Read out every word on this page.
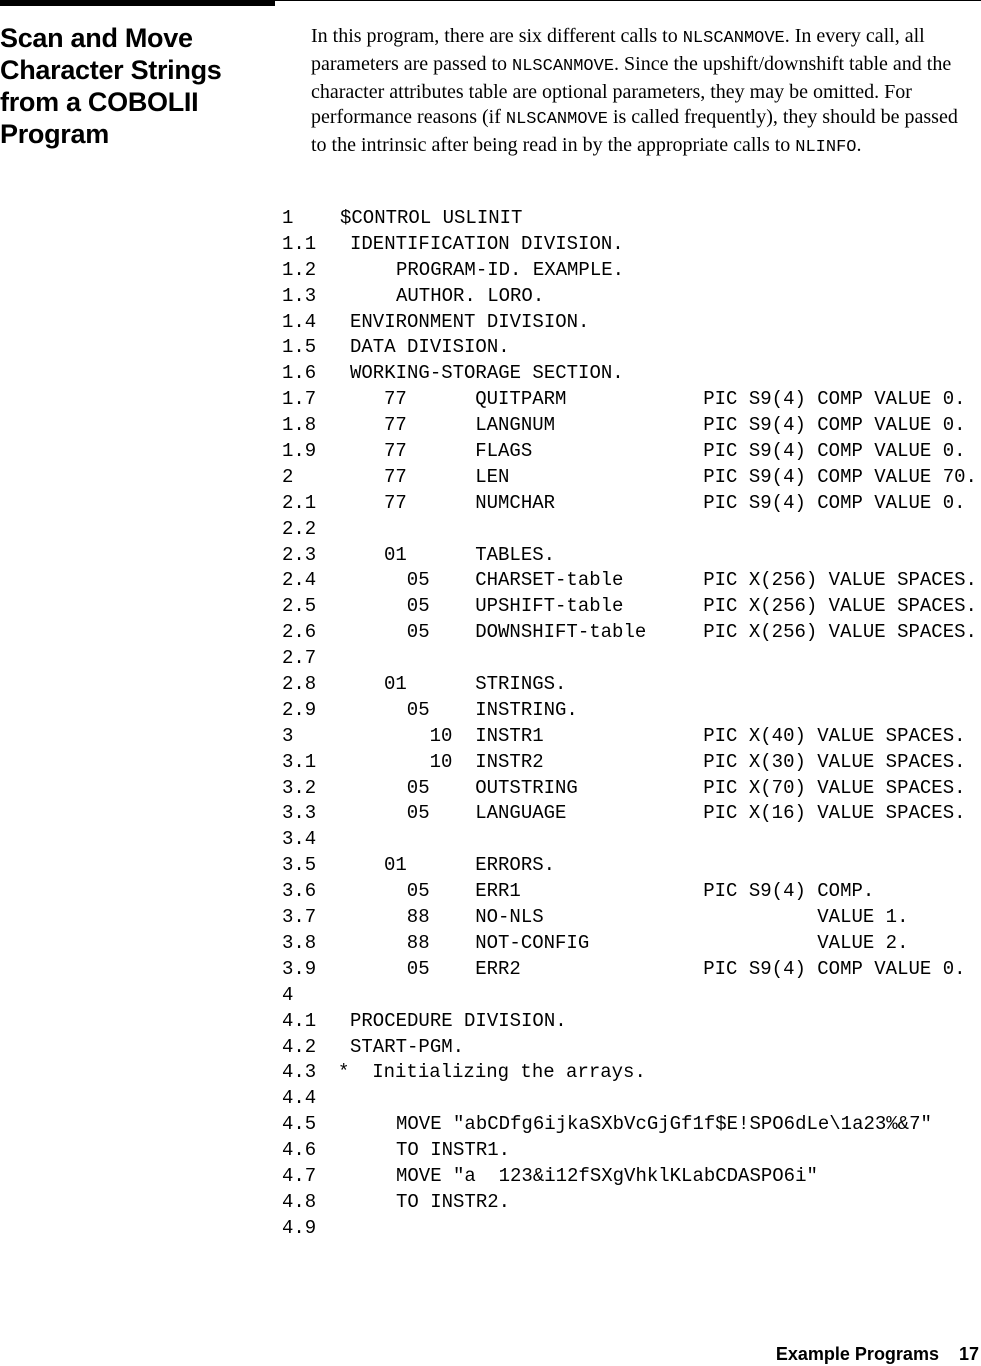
Scan and Move
Character Strings
from a COBOLII
Program
In this program, there are six different calls to NLSCANMOVE. In every call, all parameters are passed to NLSCANMOVE. Since the upshift/downshift table and the character attributes table are optional parameters, they may be omitted. For performance reasons (if NLSCANMOVE is called frequently), they should be passed to the intrinsic after being read in by the appropriate calls to NLINFO.
1 $CONTROL USLINIT
1.1 IDENTIFICATION DIVISION.
1.2	PROGRAM-ID. EXAMPLE.
1.3	AUTHOR. LORO.
1.4 ENVIRONMENT DIVISION.
1.5 DATA DIVISION.
1.6 WORKING-STORAGE SECTION.
1.7	77      QUITPARM            PIC S9(4) COMP VALUE 0.
1.8	77      LANGNUM             PIC S9(4) COMP VALUE 0.
1.9	77      FLAGS               PIC S9(4) COMP VALUE 0.
2	77      LEN                 PIC S9(4) COMP VALUE 70.
2.1	77      NUMCHAR             PIC S9(4) COMP VALUE 0.
2.2
2.3	01      TABLES.
2.4	05    CHARSET-table       PIC X(256) VALUE SPACES.
2.5	05    UPSHIFT-table       PIC X(256) VALUE SPACES.
2.6	05    DOWNSHIFT-table     PIC X(256) VALUE SPACES.
2.7
2.8	01      STRINGS.
2.9	05    INSTRING.
3	10  INSTR1              PIC X(40) VALUE SPACES.
3.1	10  INSTR2              PIC X(30) VALUE SPACES.
3.2	05    OUTSTRING           PIC X(70) VALUE SPACES.
3.3	05    LANGUAGE            PIC X(16) VALUE SPACES.
3.4
3.5	01      ERRORS.
3.6	05    ERR1                PIC S9(4) COMP.
3.7	88    NO-NLS                        VALUE 1.
3.8	88    NOT-CONFIG                    VALUE 2.
3.9	05    ERR2                PIC S9(4) COMP VALUE 0.
4
4.1 PROCEDURE DIVISION.
4.2 START-PGM.
4.3 *  Initializing the arrays.
4.4
4.5	MOVE "abCDfg6ijkaSXbVcGjGf1f$E!SPO6dLe\1a23%&7"
4.6	TO INSTR1.
4.7	MOVE "a  123&i12fSXgVhklKLabCDASPO6i"
4.8	TO INSTR2.
4.9
Example Programs 17
